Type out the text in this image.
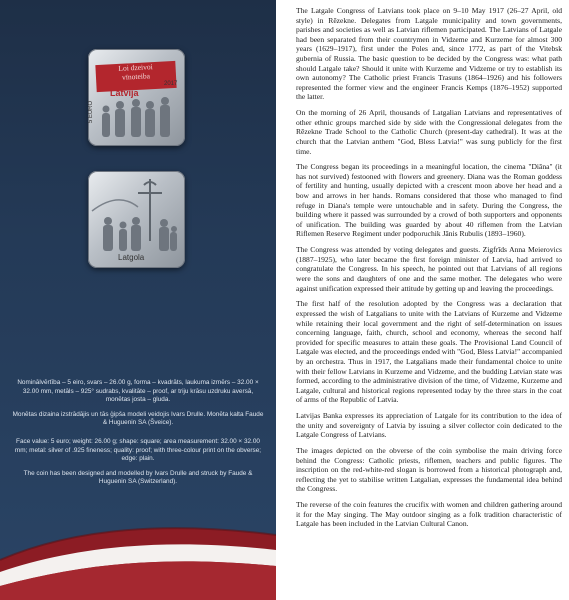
Loi dzeivoi
vīnoteiba
Latvija
5 EURO
2017
Latgola

Nominālvērtība – 5 eiro, svars – 26.00 g, forma – kvadrāts, laukuma izmērs – 32.00 × 32.00 mm, metāls – 925° sudrabs, kvalitāte – proof, ar triju krāsu uzdruku aversā, monētas josta – gluda.

Monētas dizaina izstrādājis un tās ģipša modeli veidojis Ivars Drulle. Monēta kalta Faude & Huguenin SA (Šveice).

Face value: 5 euro; weight: 26.00 g; shape: square; area measurement: 32.00 × 32.00 mm; metal: silver of .925 fineness; quality: proof; with three-colour print on the obverse; edge: plain.

The coin has been designed and modelled by Ivars Drulle and struck by Faude & Huguenin SA (Switzerland).

The Latgale Congress of Latvians took place on 9–10 May 1917 (26–27 April, old style) in Rēzekne. Delegates from Latgale municipality and town governments, parishes and societies as well as Latvian riflemen participated. The Latvians of Latgale had been separated from their countrymen in Vidzeme and Kurzeme for almost 300 years (1629–1917), first under the Poles and, since 1772, as part of the Vitebsk guberniа of Russia. The basic question to be decided by the Congress was: what path should Latgale take? Should it unite with Kurzeme and Vidzeme or try to establish its own autonomy? The Catholic priest Francis Trasuns (1864–1926) and his followers represented the former view and the engineer Francis Kemps (1876–1952) supported the latter.

On the morning of 26 April, thousands of Latgalian Latvians and representatives of other ethnic groups marched side by side with the Congressional delegates from the Rēzekne Trade School to the Catholic Church (present-day cathedral). It was at the church that the Latvian anthem "God, Bless Latvia!" was sung publicly for the first time.

The Congress began its proceedings in a meaningful location, the cinema "Diāna" (it has not survived) festooned with flowers and greenery. Diana was the Roman goddess of fertility and hunting, usually depicted with a crescent moon above her head and a bow and arrows in her hands. Romans considered that those who managed to find refuge in Diana's temple were untouchable and in safety. During the Congress, the building where it passed was surrounded by a crowd of both supporters and opponents of unification. The building was guarded by about 40 riflemen from the Latvian Riflemen Reserve Regiment under podporuchik Jānis Rubulis (1893–1960).

The Congress was attended by voting delegates and guests. Zigfrīds Anna Meierovics (1887–1925), who later became the first foreign minister of Latvia, had arrived to congratulate the Congress. In his speech, he pointed out that Latvians of all regions were the sons and daughters of one and the same mother. The delegates who were against unification expressed their attitude by getting up and leaving the proceedings.

The first half of the resolution adopted by the Congress was a declaration that expressed the wish of Latgalians to unite with the Latvians of Kurzeme and Vidzeme while retaining their local government and the right of self-determination on issues concerning language, faith, church, school and economy, whereas the second half provided for specific measures to attain these goals. The Provisional Land Council of Latgale was elected, and the proceedings ended with "God, Bless Latvia!" accompanied by an orchestra. Thus in 1917, the Latgalians made their fundamental choice to unite with their fellow Latvians in Kurzeme and Vidzeme, and the budding Latvian state was formed, according to the administrative division of the time, of Vidzeme, Kurzeme and Latgale, cultural and historical regions represented today by the three stars in the coat of arms of the Republic of Latvia.

Latvijas Banka expresses its appreciation of Latgale for its contribution to the idea of the unity and sovereignty of Latvia by issuing a silver collector coin dedicated to the Latgale Congress of Latvians.

The images depicted on the obverse of the coin symbolise the main driving force behind the Congress: Catholic priests, riflemen, teachers and public figures. The inscription on the red-white-red slogan is borrowed from a historical photograph and, reflecting the yet to stabilise written Latgalian, expresses the fundamental idea behind the Congress.

The reverse of the coin features the crucifix with women and children gathering around it for the May singing. The May outdoor singing as a folk tradition characteristic of Latgale has been included in the Latvian Cultural Canon.
